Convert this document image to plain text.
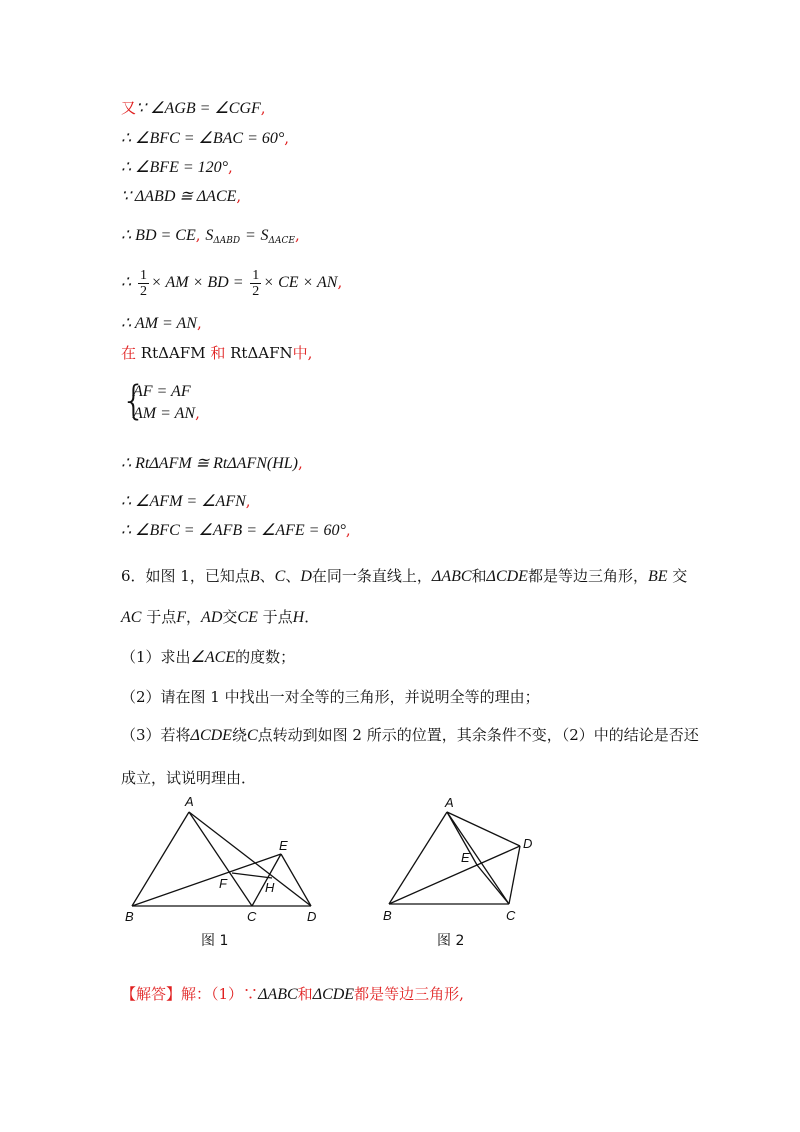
又∵ ∠AGB = ∠CGF,
∴ ∠BFC = ∠BAC = 60°,
∴ ∠BFE = 120°,
∵ ΔABD ≅ ΔACE,
∴ BD = CE, $S_{\Delta ABD} = S_{\Delta ACE}$,
∴ $\frac{1}{2}$ × AM × BD = $\frac{1}{2}$ × CE × AN,
∴ AM = AN,
在 RtΔAFM 和 RtΔAFN中,
{
AF = AF
AM = AN,
∴ RtΔAFM ≅ RtΔAFN(HL),
∴ ∠AFM = ∠AFN,
∴ ∠BFC = ∠AFB = ∠AFE = 60°,
6．如图 1，已知点B、C、D在同一条直线上，ΔABC和ΔCDE都是等边三角形，BE 交
AC 于点F，AD交CE 于点H．
（1）求出∠ACE的度数；
（2）请在图 1 中找出一对全等的三角形，并说明全等的理由；
（3）若将ΔCDE绕C点转动到如图 2 所示的位置，其余条件不变，（2）中的结论是否还
成立，试说明理由．
A
B	C	D
E
F	H
图 1
A
B	C
D
E
图 2
【解答】解：（1）∵ΔABC和ΔCDE都是等边三角形,
